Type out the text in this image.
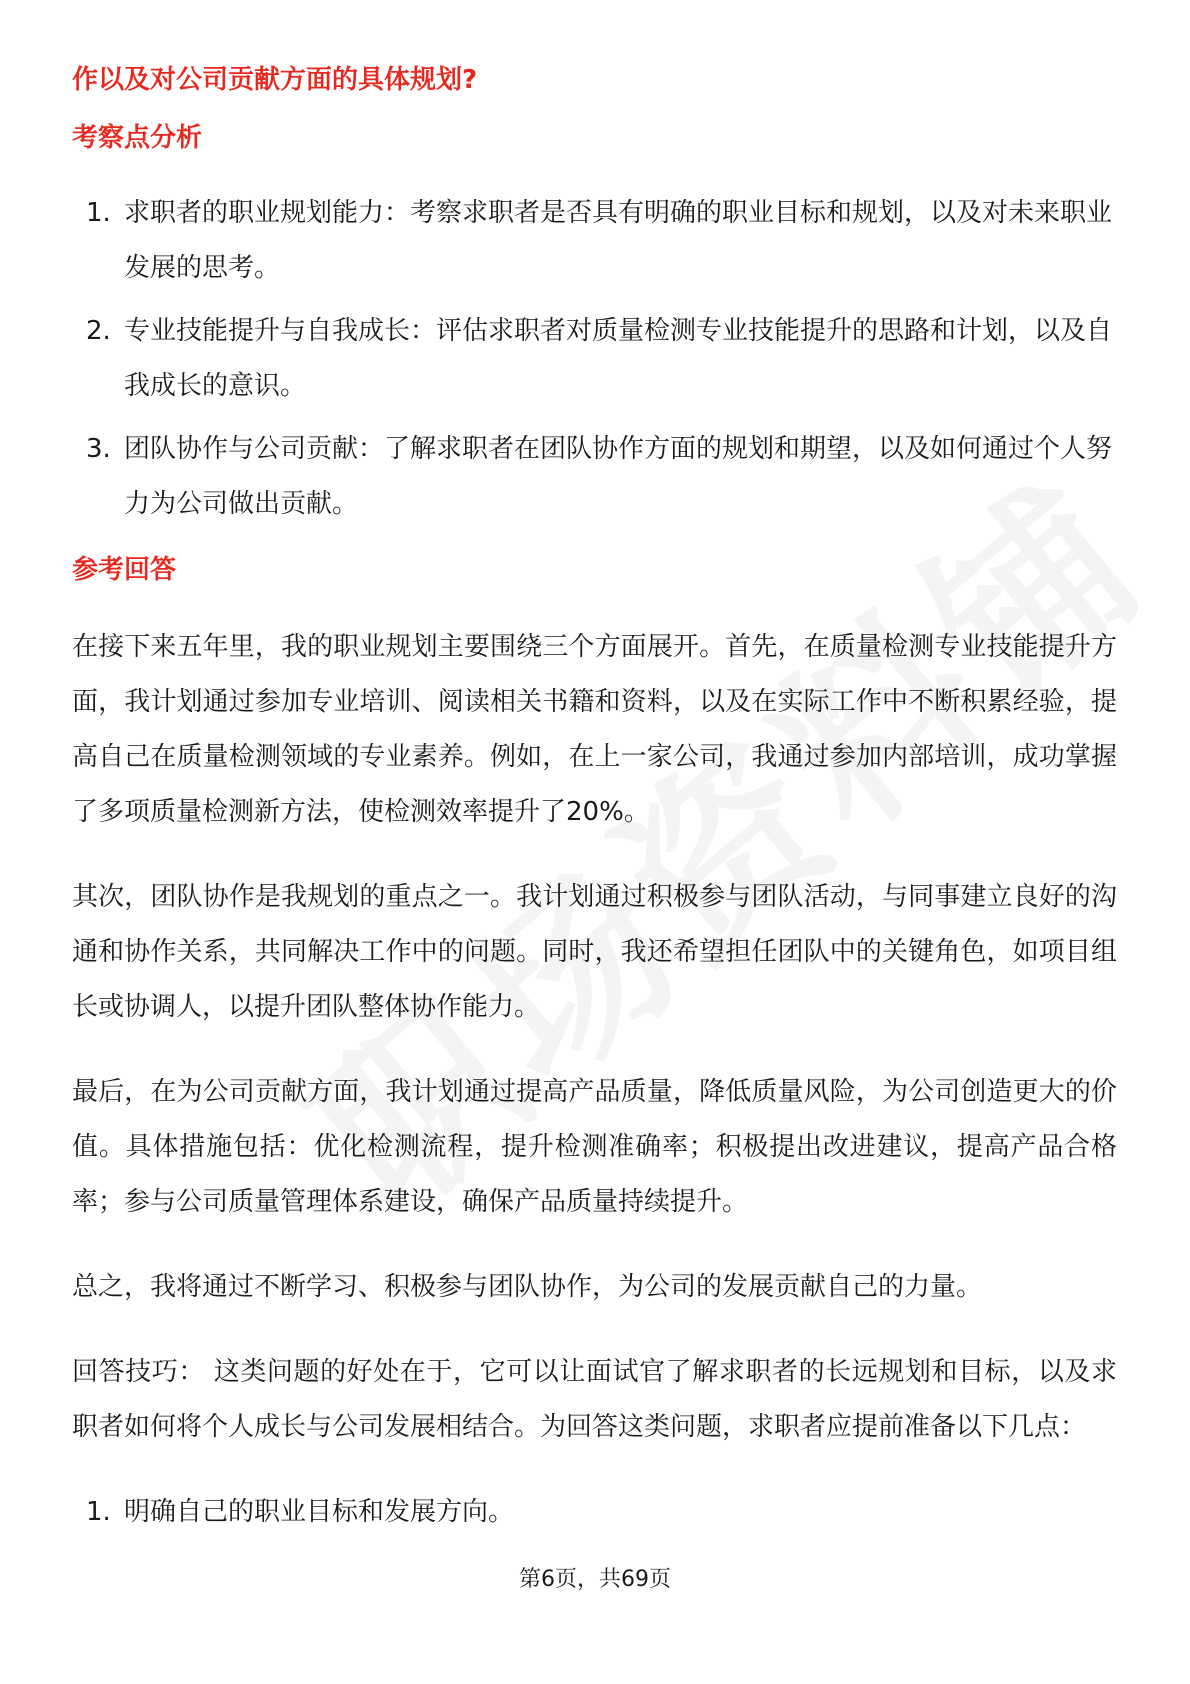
作以及对公司贡献方面的具体规划?
考察点分析
1. 求职者的职业规划能力：考察求职者是否具有明确的职业目标和规划，以及对未来职业发展的思考。
2. 专业技能提升与自我成长：评估求职者对质量检测专业技能提升的思路和计划，以及自我成长的意识。
3. 团队协作与公司贡献：了解求职者在团队协作方面的规划和期望，以及如何通过个人努力为公司做出贡献。
参考回答

在接下来五年里，我的职业规划主要围绕三个方面展开。首先，在质量检测专业技能提升方面，我计划通过参加专业培训、阅读相关书籍和资料，以及在实际工作中不断积累经验，提高自己在质量检测领域的专业素养。例如，在上一家公司，我通过参加内部培训，成功掌握了多项质量检测新方法，使检测效率提升了20%。

其次，团队协作是我规划的重点之一。我计划通过积极参与团队活动，与同事建立良好的沟通和协作关系，共同解决工作中的问题。同时，我还希望担任团队中的关键角色，如项目组长或协调人，以提升团队整体协作能力。

最后，在为公司贡献方面，我计划通过提高产品质量，降低质量风险，为公司创造更大的价值。具体措施包括：优化检测流程，提升检测准确率；积极提出改进建议，提高产品合格率；参与公司质量管理体系建设，确保产品质量持续提升。

总之，我将通过不断学习、积极参与团队协作，为公司的发展贡献自己的力量。

回答技巧： 这类问题的好处在于，它可以让面试官了解求职者的长远规划和目标，以及求职者如何将个人成长与公司发展相结合。为回答这类问题，求职者应提前准备以下几点：

1. 明确自己的职业目标和发展方向。
第6页，共69页
